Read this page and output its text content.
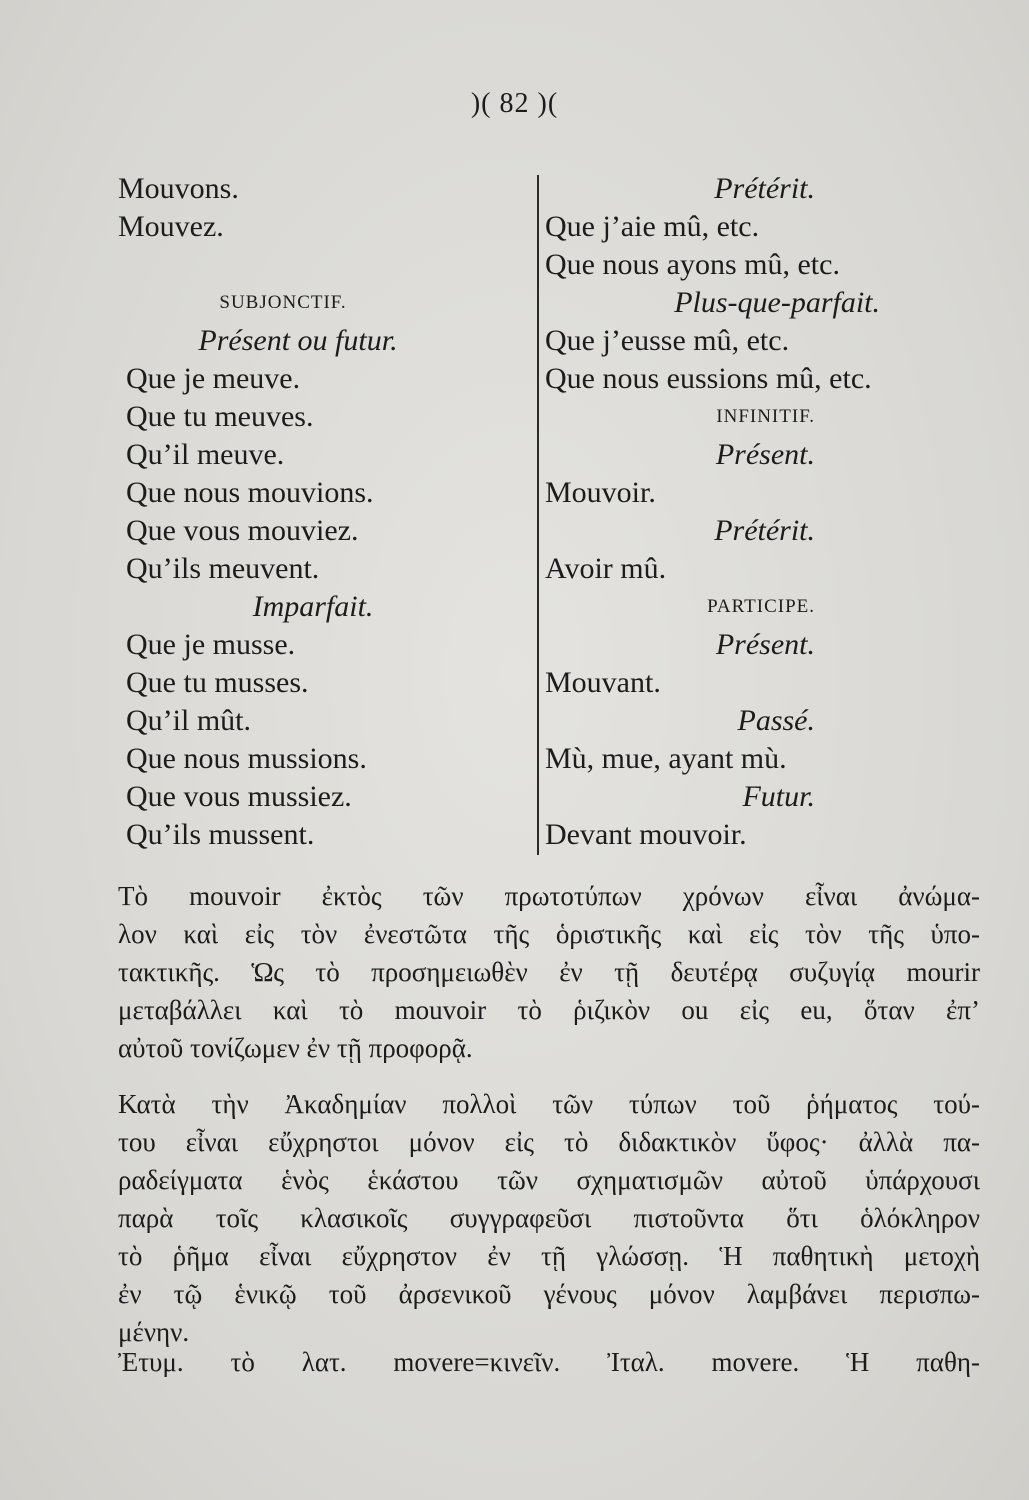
)( 82 )(
Mouvons.
Mouvez.
SUBJONCTIF.
Présent ou futur.
Que je meuve.
Que tu meuves.
Qu’il meuve.
Que nous mouvions.
Que vous mouviez.
Qu’ils meuvent.
Imparfait.
Que je musse.
Que tu musses.
Qu’il mût.
Que nous mussions.
Que vous mussiez.
Qu’ils mussent.
Prétérit.
Que j’aie mû, etc.
Que nous ayons mû, etc.
Plus-que-parfait.
Que j’eusse mû, etc.
Que nous eussions mû, etc.
INFINITIF.
Présent.
Mouvoir.
Prétérit.
Avoir mû.
PARTICIPE.
Présent.
Mouvant.
Passé.
Mù, mue, ayant mù.
Futur.
Devant mouvoir.
Τὸ mouvoir ἐκτὸς τῶν πρωτοτύπων χρόνων εἶναι ἀνώμα-
λον καὶ εἰς τὸν ἐνεστῶτα τῆς ὁριστικῆς καὶ εἰς τὸν τῆς ὑπο-
τακτικῆς. Ὡς τὸ προσημειωθὲν ἐν τῇ δευτέρᾳ συζυγίᾳ mourir
μεταβάλλει καὶ τὸ mouvoir τὸ ῥιζικὸν ou εἰς eu, ὅταν ἐπ’
αὐτοῦ τονίζωμεν ἐν τῇ προφορᾷ.
Κατὰ τὴν Ἀκαδημίαν πολλοὶ τῶν τύπων τοῦ ῥήματος τού-
του εἶναι εὔχρηστοι μόνον εἰς τὸ διδακτικὸν ὕφος· ἀλλὰ πα-
ραδείγματα ἑνὸς ἑκάστου τῶν σχηματισμῶν αὐτοῦ ὑπάρχουσι
παρὰ τοῖς κλασικοῖς συγγραφεῦσι πιστοῦντα ὅτι ὁλόκληρον
τὸ ῥῆμα εἶναι εὔχρηστον ἐν τῇ γλώσσῃ. Ἡ παθητικὴ μετοχὴ
ἐν τῷ ἑνικῷ τοῦ ἀρσενικοῦ γένους μόνον λαμβάνει περισπω-
μένην.
Ἐτυμ. τὸ λατ. movere=κινεῖν. Ἰταλ. movere. Ἡ παθη-
